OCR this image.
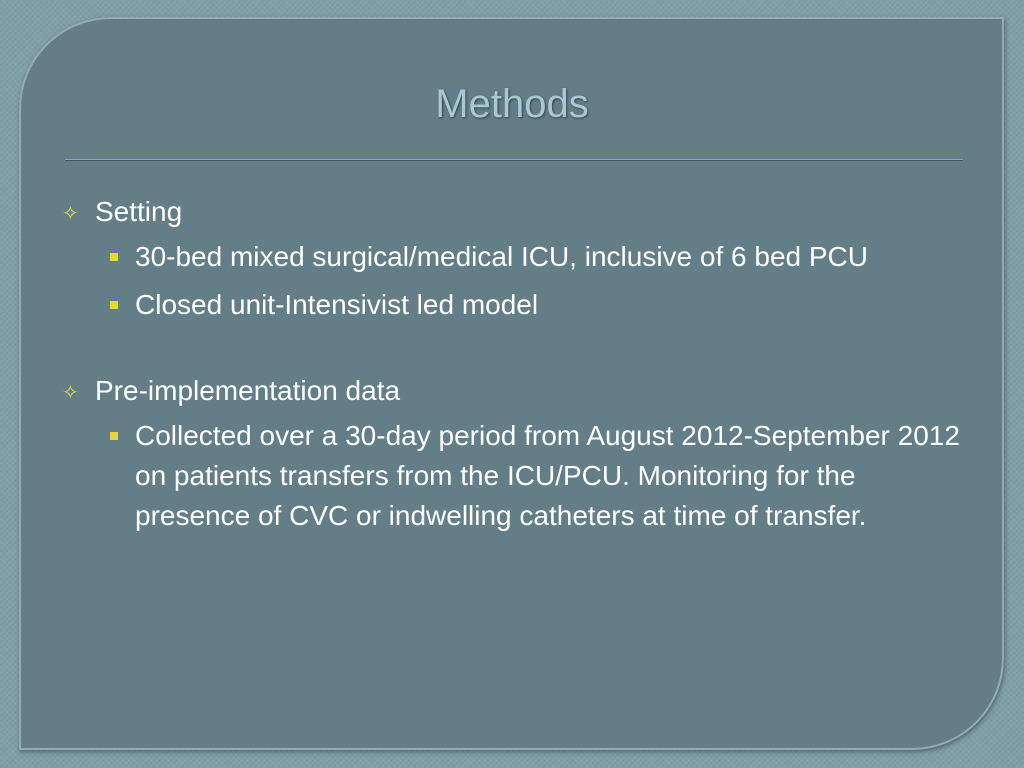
Methods
✧ Setting
30-bed mixed surgical/medical ICU, inclusive of 6 bed PCU
Closed unit-Intensivist led model
✧ Pre-implementation data
Collected over a 30-day period from August 2012-September 2012 on patients transfers from the ICU/PCU. Monitoring for the presence of CVC or indwelling catheters at time of transfer.
